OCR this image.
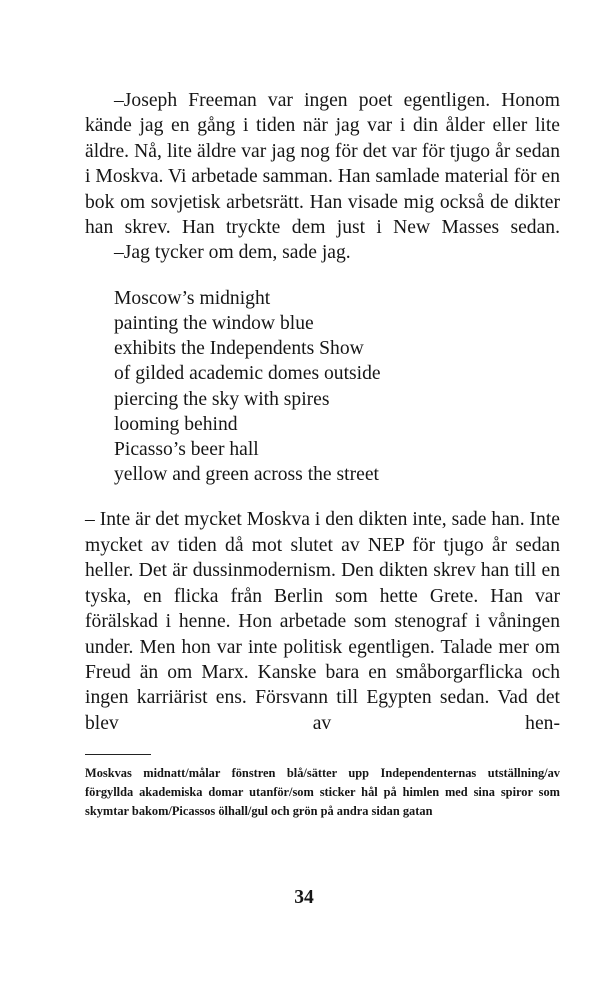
–Joseph Freeman var ingen poet egentligen. Honom kände jag en gång i tiden när jag var i din ålder eller lite äldre. Nå, lite äldre var jag nog för det var för tjugo år sedan i Moskva. Vi arbetade samman. Han samlade material för en bok om sovjetisk arbetsrätt. Han visade mig också de dikter han skrev. Han tryckte dem just i New Masses sedan.

–Jag tycker om dem, sade jag.

Moscow’s midnight
painting the window blue
exhibits the Independents Show
of gilded academic domes outside
piercing the sky with spires
looming behind
Picasso’s beer hall
yellow and green across the street

– Inte är det mycket Moskva i den dikten inte, sade han. Inte mycket av tiden då mot slutet av NEP för tjugo år sedan heller. Det är dussinmodernism. Den dikten skrev han till en tyska, en flicka från Berlin som hette Grete. Han var förälskad i henne. Hon arbetade som stenograf i våningen under. Men hon var inte politisk egentligen. Talade mer om Freud än om Marx. Kanske bara en småborgarflicka och ingen karriärist ens. Försvann till Egypten sedan. Vad det blev av hen-

Moskvas midnatt/målar fönstren blå/sätter upp Independenternas utställning/av förgyllda akademiska domar utanför/som sticker hål på himlen med sina spiror som skymtar bakom/Picassos ölhall/gul och grön på andra sidan gatan

34
